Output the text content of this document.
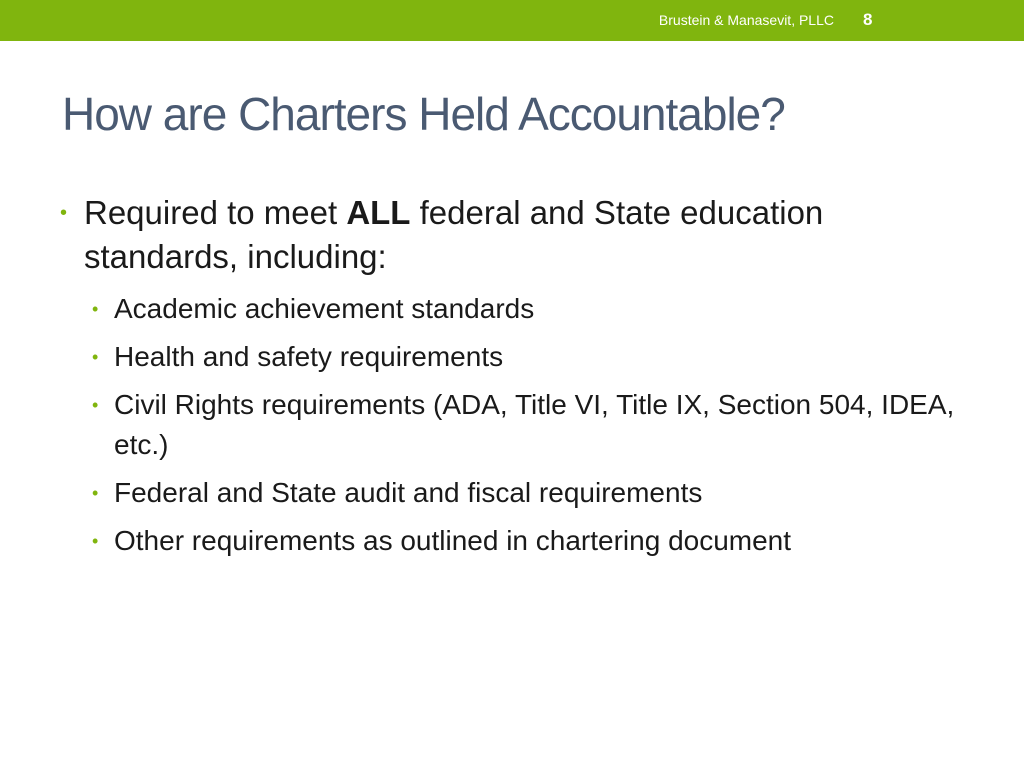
Brustein & Manasevit, PLLC 8
How are Charters Held Accountable?
• Required to meet ALL federal and State education standards, including:
• Academic achievement standards
• Health and safety requirements
• Civil Rights requirements (ADA, Title VI, Title IX, Section 504, IDEA, etc.)
• Federal and State audit and fiscal requirements
• Other requirements as outlined in chartering document
